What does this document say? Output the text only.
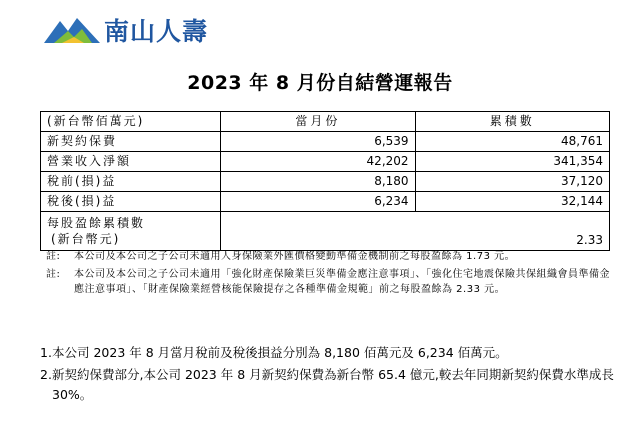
南山人壽
2023 年 8 月份自結營運報告
(新台幣佰萬元)	當月份	累積數
新契約保費	6,539	48,761
營業收入淨額	42,202	341,354
稅前(損)益	8,180	37,120
稅後(損)益	6,234	32,144

每股盈餘累積數
(新台幣元)	2.33	
註:	本公司及本公司之子公司未適用人身保險業外匯價格變動準備金機制前之每股盈餘為 1.73 元。
註:	本公司及本公司之子公司未適用「強化財產保險業巨災準備金應注意事項」、「強化住宅地震保險共保組織會員準備金應注意事項」、「財產保險業經營核能保險提存之各種準備金規範」前之每股盈餘為 2.33 元。
1. 本公司 2023 年 8 月當月稅前及稅後損益分別為 8,180 佰萬元及 6,234 佰萬元。
2. 新契約保費部分,本公司 2023 年 8 月新契約保費為新台幣 65.4 億元,較去年同期新契約保費水準成長 30%。
